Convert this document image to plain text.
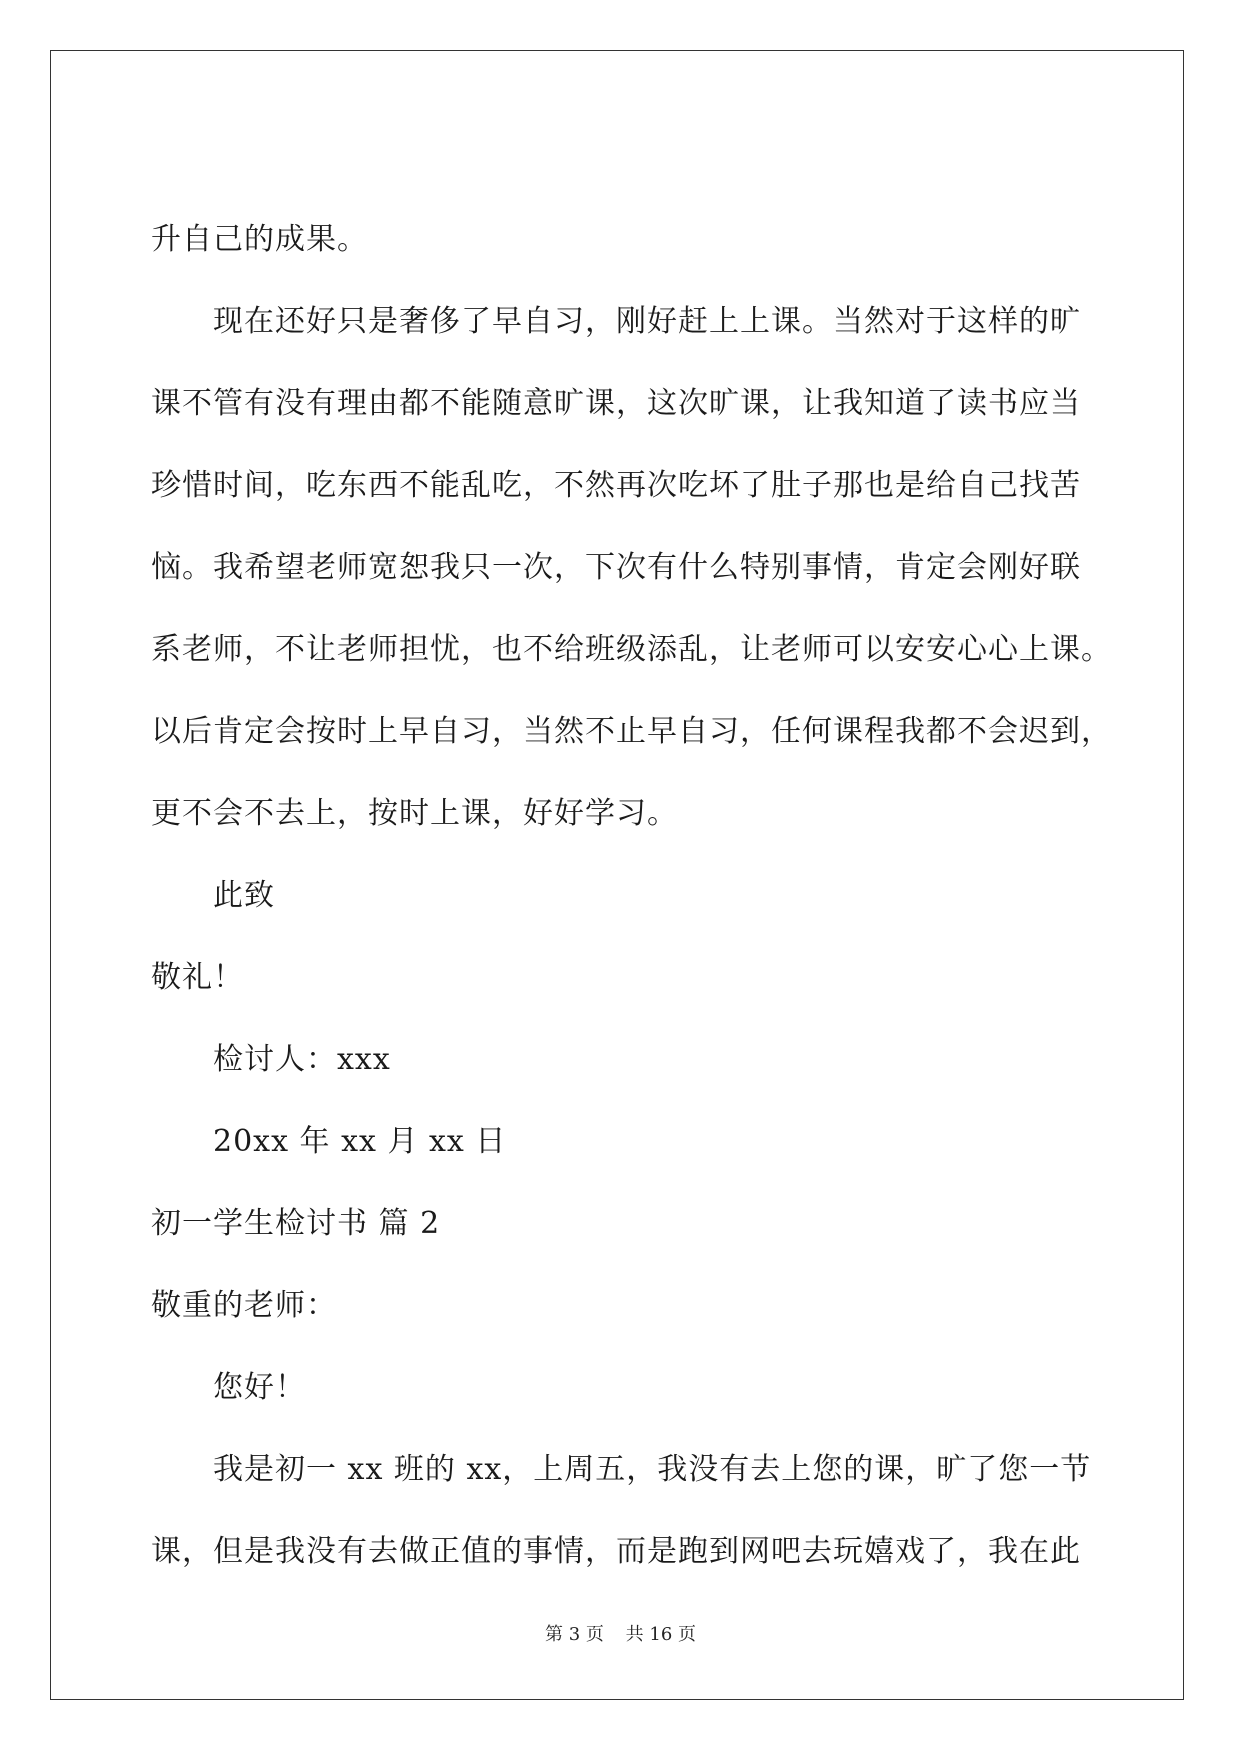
升自己的成果。
现在还好只是奢侈了早自习，刚好赶上上课。当然对于这样的旷
课不管有没有理由都不能随意旷课，这次旷课，让我知道了读书应当
珍惜时间，吃东西不能乱吃，不然再次吃坏了肚子那也是给自己找苦
恼。我希望老师宽恕我只一次，下次有什么特别事情，肯定会刚好联
系老师，不让老师担忧，也不给班级添乱，让老师可以安安心心上课。
以后肯定会按时上早自习，当然不止早自习，任何课程我都不会迟到，
更不会不去上，按时上课，好好学习。
此致
敬礼！
检讨人：xxx
20xx 年 xx 月 xx 日
初一学生检讨书 篇 2
敬重的老师：
您好！
我是初一 xx 班的 xx，上周五，我没有去上您的课，旷了您一节
课，但是我没有去做正值的事情，而是跑到网吧去玩嬉戏了，我在此
第 3 页 共 16 页
